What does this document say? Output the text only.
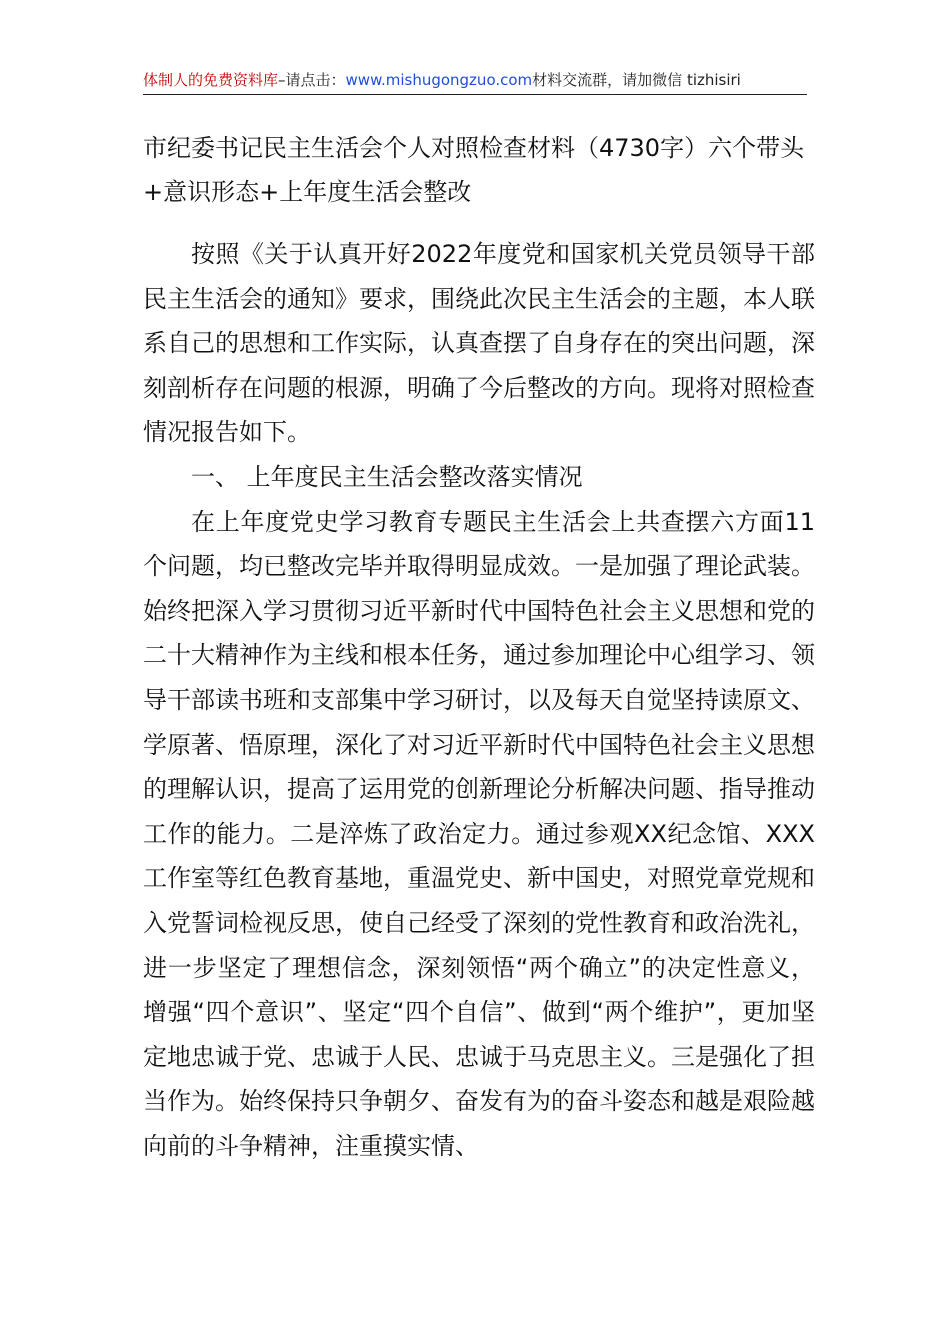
体制人的免费资料库–请点击：www.mishugongzuo.com材料交流群，请加微信 tizhisiri
市纪委书记民主生活会个人对照检查材料（4730字）六个带头+意识形态+上年度生活会整改

按照《关于认真开好2022年度党和国家机关党员领导干部民主生活会的通知》要求，围绕此次民主生活会的主题，本人联系自己的思想和工作实际，认真查摆了自身存在的突出问题，深刻剖析存在问题的根源，明确了今后整改的方向。现将对照检查情况报告如下。

一、 上年度民主生活会整改落实情况

在上年度党史学习教育专题民主生活会上共查摆六方面11个问题，均已整改完毕并取得明显成效。一是加强了理论武装。始终把深入学习贯彻习近平新时代中国特色社会主义思想和党的二十大精神作为主线和根本任务，通过参加理论中心组学习、领导干部读书班和支部集中学习研讨，以及每天自觉坚持读原文、学原著、悟原理，深化了对习近平新时代中国特色社会主义思想的理解认识，提高了运用党的创新理论分析解决问题、指导推动工作的能力。二是淬炼了政治定力。通过参观XX纪念馆、XXX工作室等红色教育基地，重温党史、新中国史，对照党章党规和入党誓词检视反思，使自己经受了深刻的党性教育和政治洗礼，进一步坚定了理想信念，深刻领悟“两个确立”的决定性意义，增强“四个意识”、坚定“四个自信”、做到“两个维护”，更加坚定地忠诚于党、忠诚于人民、忠诚于马克思主义。三是强化了担当作为。始终保持只争朝夕、奋发有为的奋斗姿态和越是艰险越向前的斗争精神，注重摸实情、
